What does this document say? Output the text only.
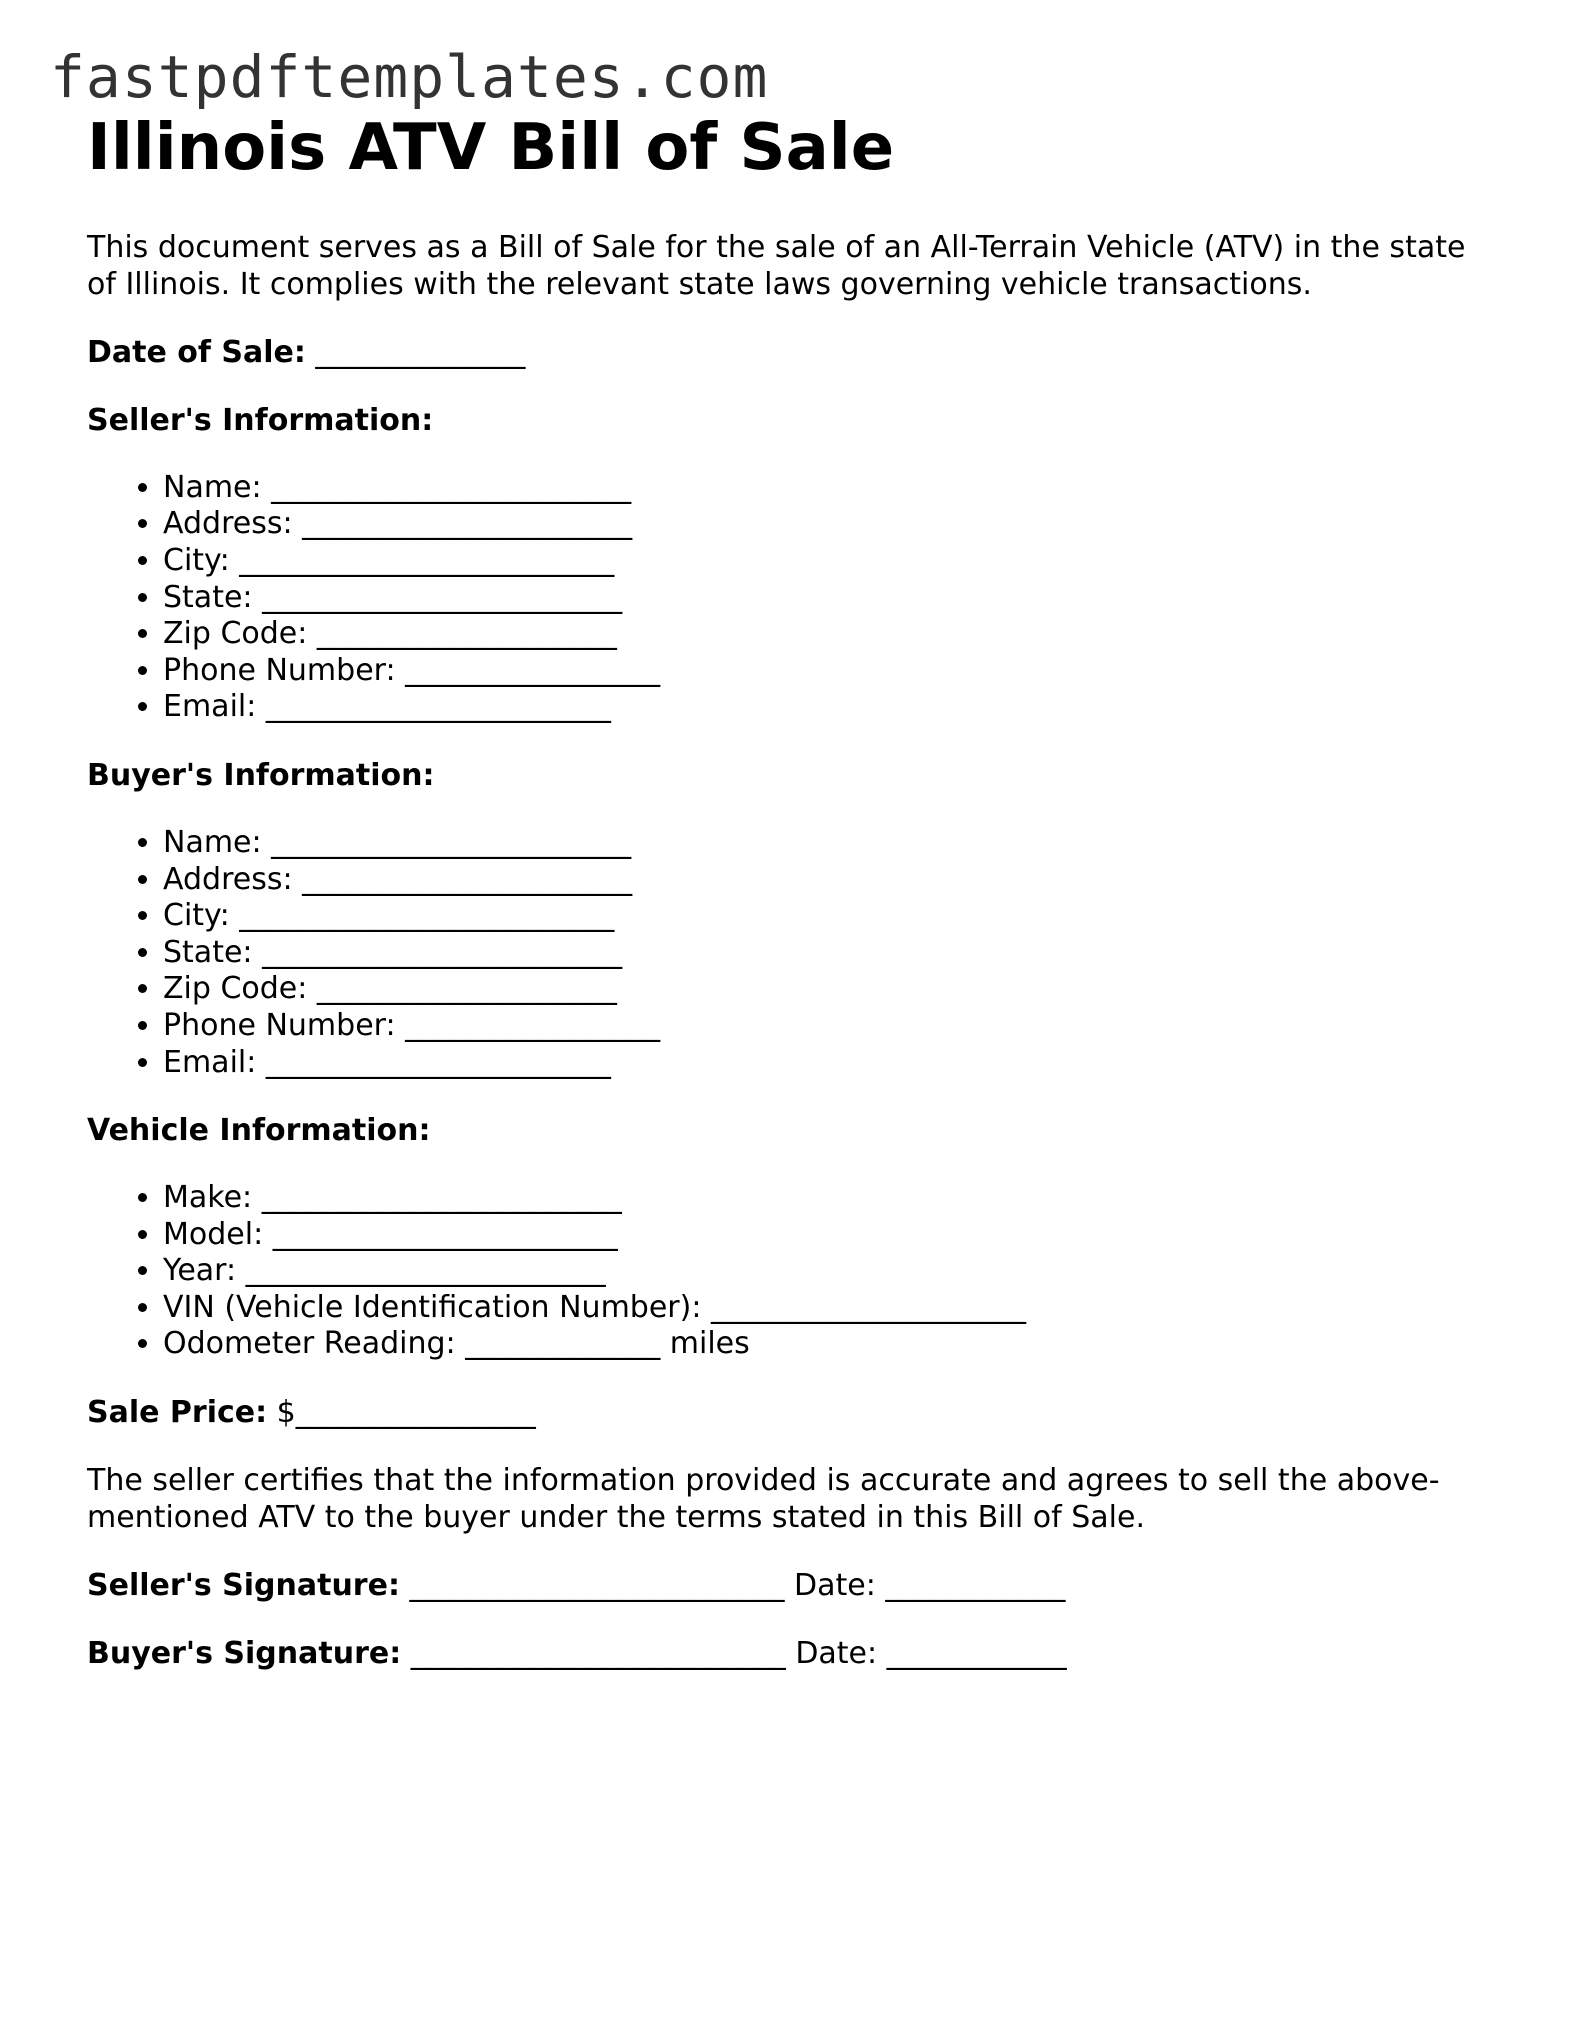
fastpdftemplates.com
Illinois ATV Bill of Sale

This document serves as a Bill of Sale for the sale of an All-Terrain Vehicle (ATV) in the state of Illinois. It complies with the relevant state laws governing vehicle transactions.

Date of Sale: ______________
Seller's Information:
• Name: ________________________
• Address: ______________________
• City: _________________________
• State: ________________________
• Zip Code: ____________________
• Phone Number: _________________
• Email: _______________________
Buyer's Information:
• Name: ________________________
• Address: ______________________
• City: _________________________
• State: ________________________
• Zip Code: ____________________
• Phone Number: _________________
• Email: _______________________
Vehicle Information:
• Make: ________________________
• Model: _______________________
• Year: ________________________
• VIN (Vehicle Identification Number): _____________________
• Odometer Reading: _____________ miles
Sale Price: $________________

The seller certifies that the information provided is accurate and agrees to sell the above-mentioned ATV to the buyer under the terms stated in this Bill of Sale.

Seller's Signature: _________________________ Date: ____________
Buyer's Signature: _________________________ Date: ____________
